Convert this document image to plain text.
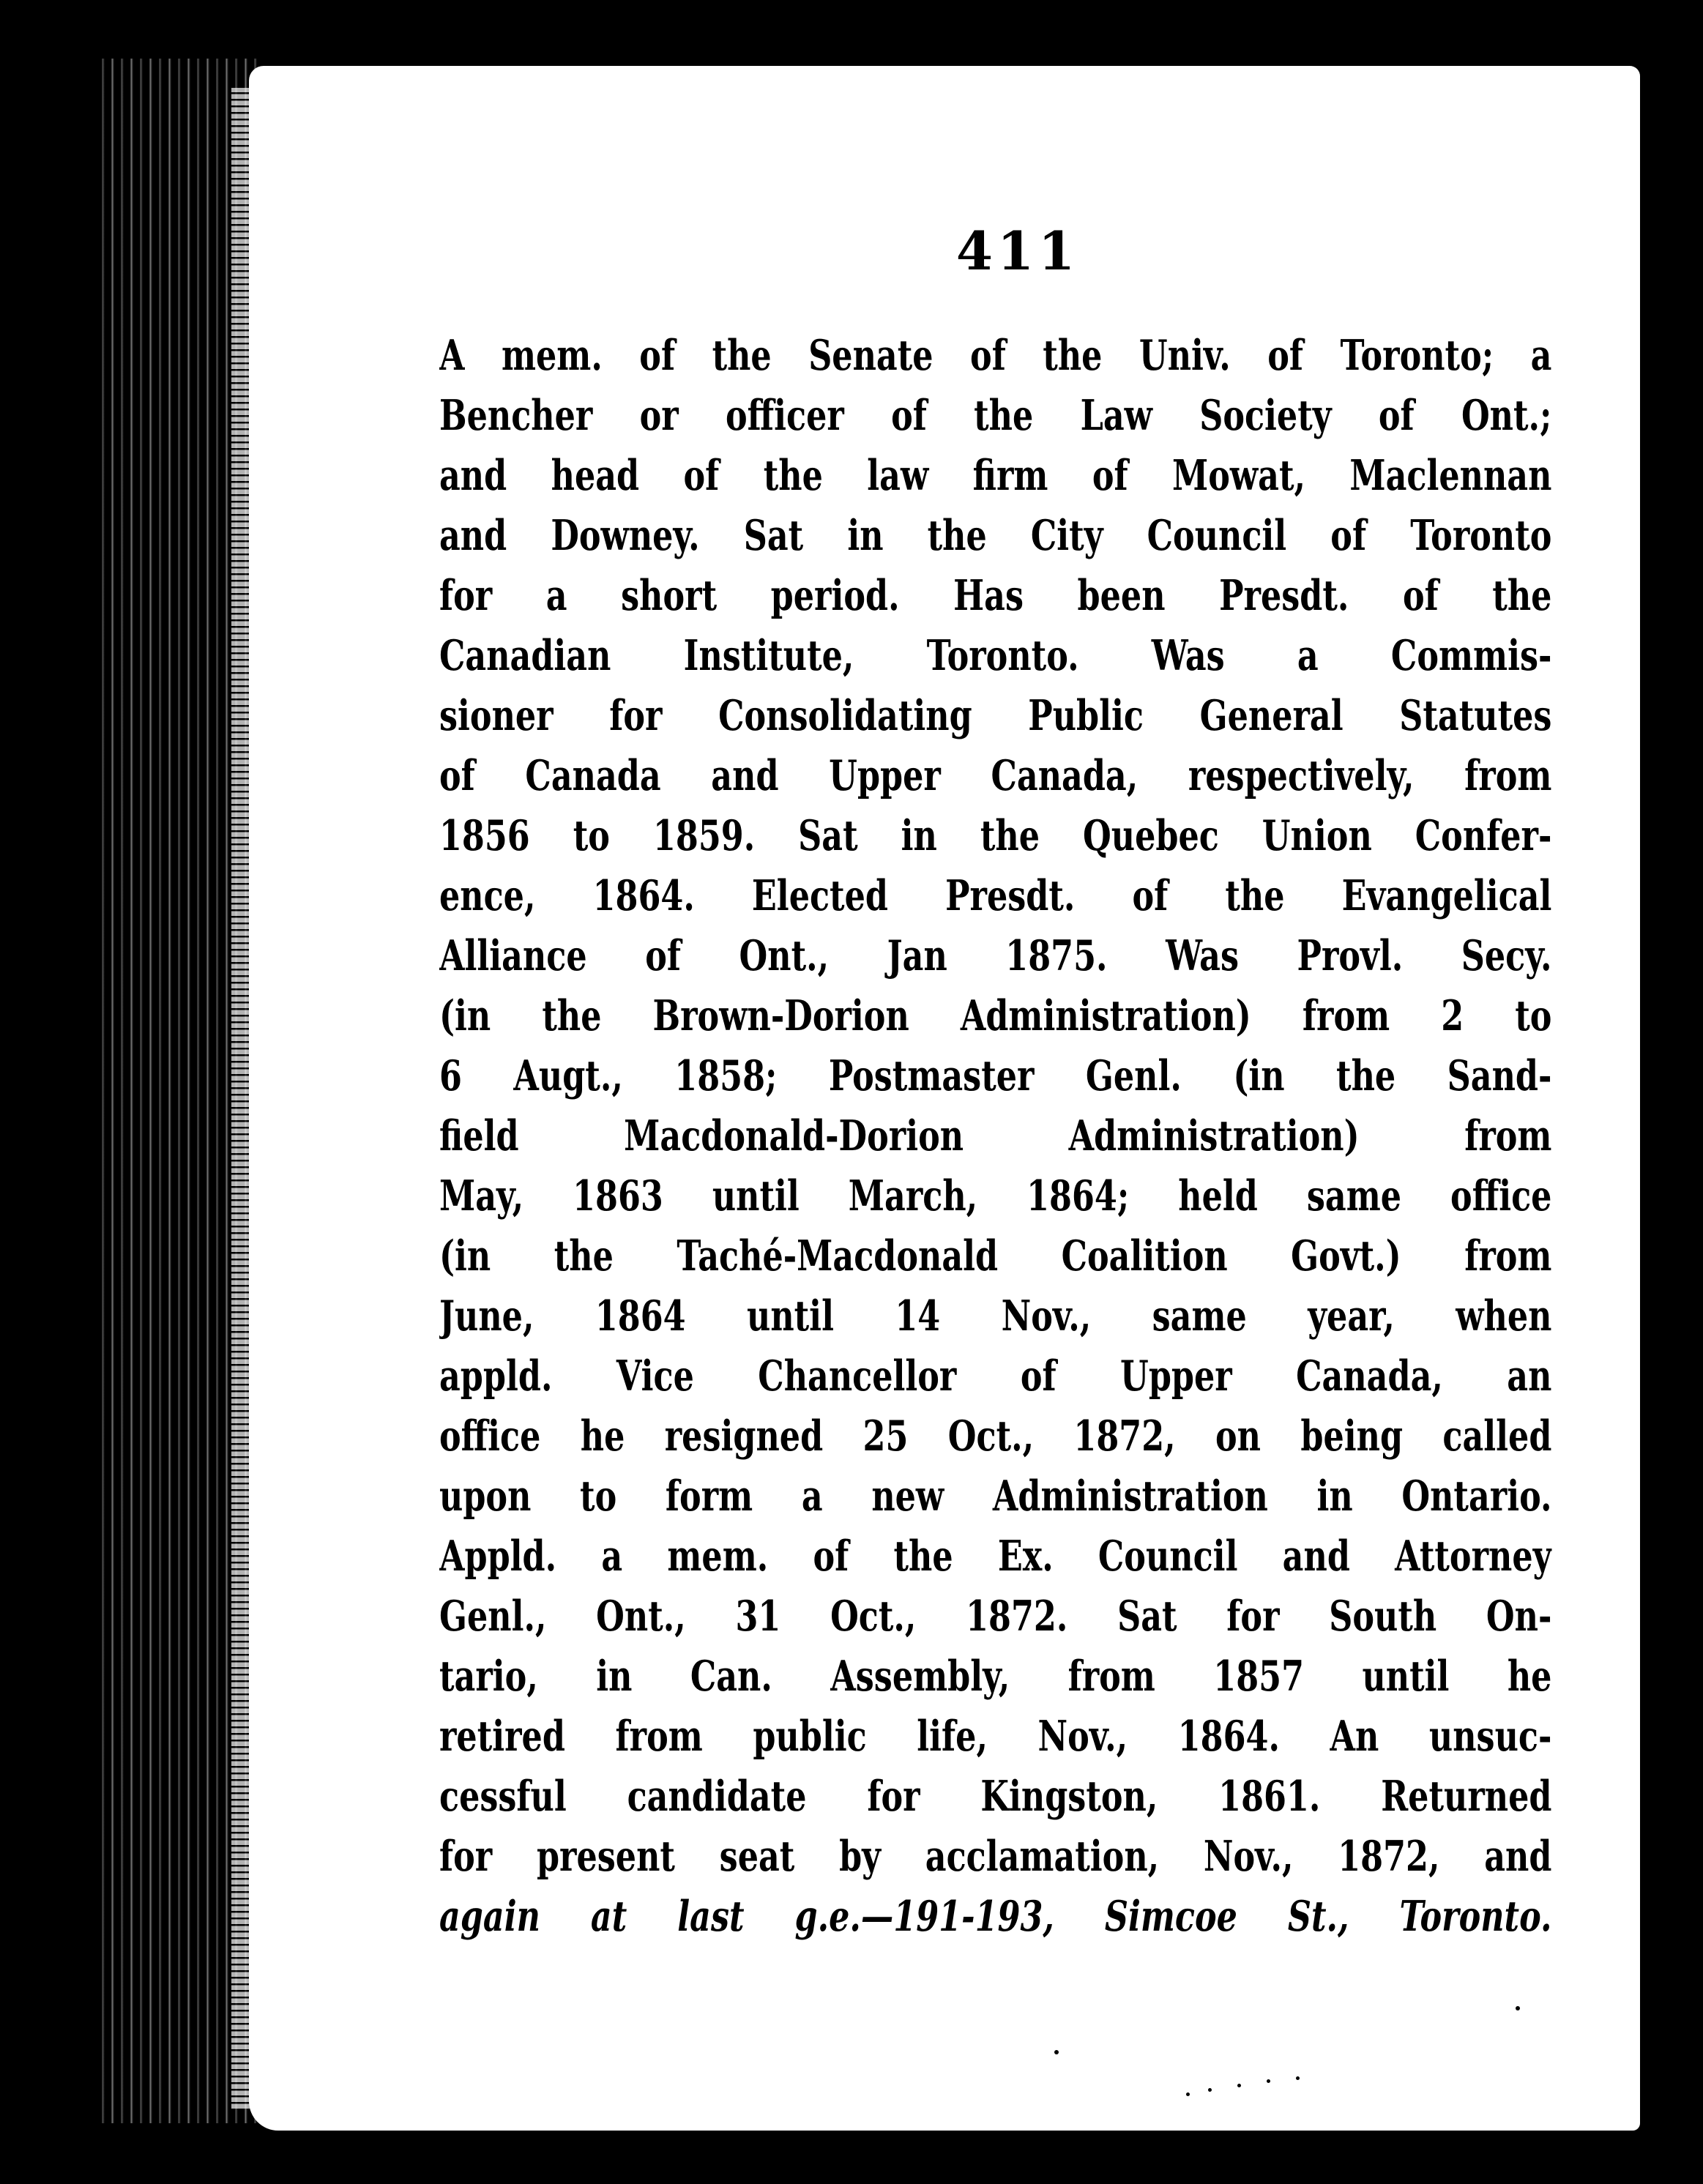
411
A mem. of the Senate of the Univ. of Toronto; a
Bencher or officer of the Law Society of Ont.;
and head of the law firm of Mowat, Maclennan
and Downey. Sat in the City Council of Toronto
for a short period. Has been Presdt. of the
Canadian Institute, Toronto. Was a Commis-
sioner for Consolidating Public General Statutes
of Canada and Upper Canada, respectively, from
1856 to 1859. Sat in the Quebec Union Confer-
ence, 1864. Elected Presdt. of the Evangelical
Alliance of Ont., Jan 1875. Was Provl. Secy.
(in the Brown-Dorion Administration) from 2 to
6 Augt., 1858; Postmaster Genl. (in the Sand-
field Macdonald-Dorion Administration) from
May, 1863 until March, 1864; held same office
(in the Taché-Macdonald Coalition Govt.) from
June, 1864 until 14 Nov., same year, when
appld. Vice Chancellor of Upper Canada, an
office he resigned 25 Oct., 1872, on being called
upon to form a new Administration in Ontario.
Appld. a mem. of the Ex. Council and Attorney
Genl., Ont., 31 Oct., 1872. Sat for South On-
tario, in Can. Assembly, from 1857 until he
retired from public life, Nov., 1864. An unsuc-
cessful candidate for Kingston, 1861. Returned
for present seat by acclamation, Nov., 1872, and
again at last g.e.—191-193, Simcoe St., Toronto.
